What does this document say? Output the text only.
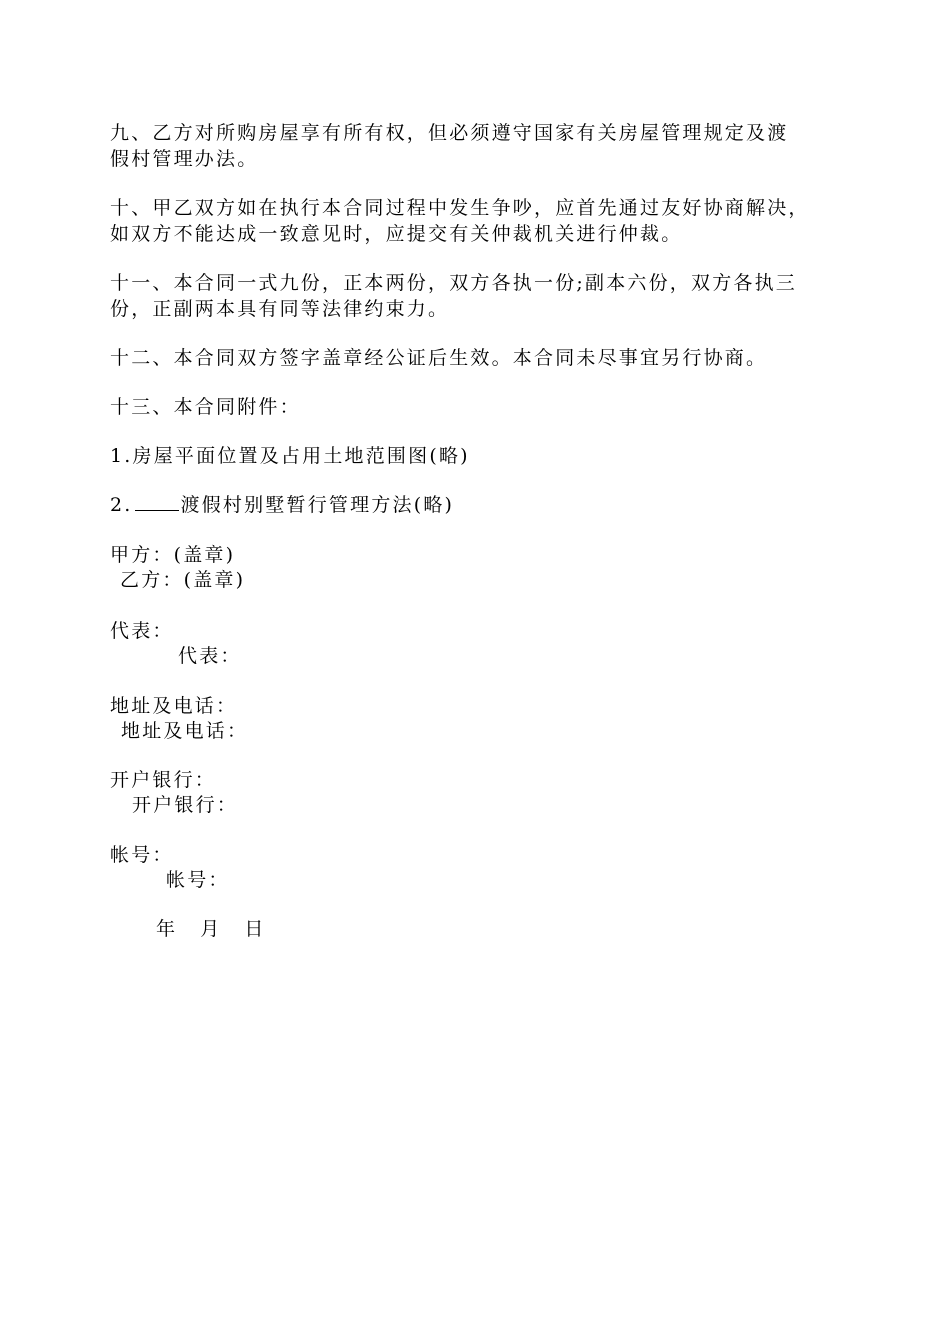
九、乙方对所购房屋享有所有权，但必须遵守国家有关房屋管理规定及渡
假村管理办法。
十、甲乙双方如在执行本合同过程中发生争吵，应首先通过友好协商解决，
如双方不能达成一致意见时，应提交有关仲裁机关进行仲裁。
十一、本合同一式九份，正本两份，双方各执一份;副本六份，双方各执三
份，正副两本具有同等法律约束力。
十二、本合同双方签字盖章经公证后生效。本合同未尽事宜另行协商。
十三、本合同附件：
1.房屋平面位置及占用土地范围图(略)
2.	渡假村别墅暂行管理方法(略)
甲方：(盖章)
乙方：(盖章)
代表：
代表：
地址及电话：
地址及电话：
开户银行：
开户银行：
帐号：
帐号：
年 月 日
